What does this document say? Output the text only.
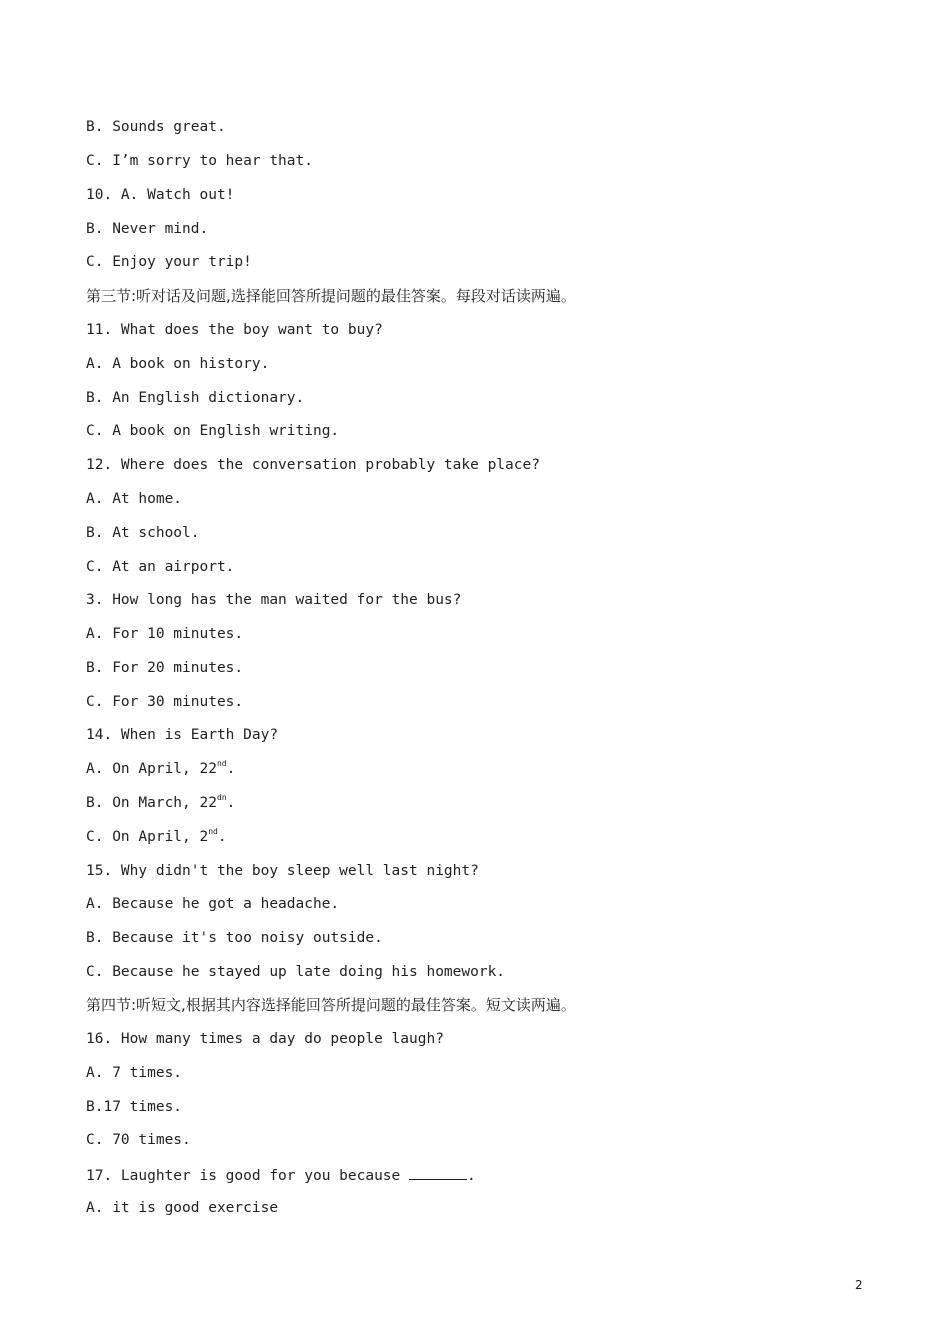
B. Sounds great.
C. I’m sorry to hear that.
10. A. Watch out!
B. Never mind.
C. Enjoy your trip!
第三节:听对话及问题,选择能回答所提问题的最佳答案。每段对话读两遍。
11. What does the boy want to buy?
A. A book on history.
B. An English dictionary.
C. A book on English writing.
12. Where does the conversation probably take place?
A. At home.
B. At school.
C. At an airport.
3. How long has the man waited for the bus?
A. For 10 minutes.
B. For 20 minutes.
C. For 30 minutes.
14. When is Earth Day?
A. On April, 22nd.
B. On March, $22^{dn}$.
C. On April, 2nd.
15. Why didn't the boy sleep well last night?
A. Because he got a headache.
B. Because it's too noisy outside.
C. Because he stayed up late doing his homework.
第四节:听短文,根据其内容选择能回答所提问题的最佳答案。短文读两遍。
16. How many times a day do people laugh?
A. 7 times.
B.17 times.
C. 70 times.
17. Laughter is good for you because	.
A. it is good exercise
2
